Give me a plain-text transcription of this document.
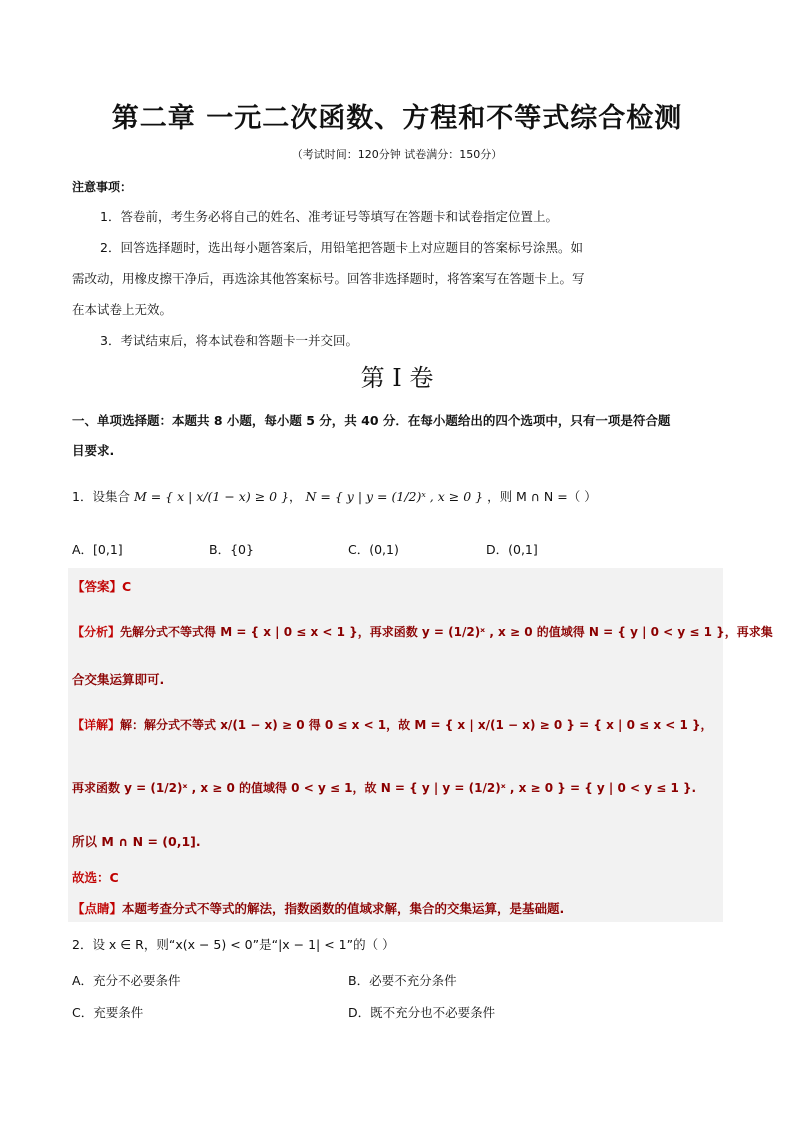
第二章 一元二次函数、方程和不等式综合检测
（考试时间：120分钟 试卷满分：150分）
注意事项：
1．答卷前，考生务必将自己的姓名、准考证号等填写在答题卡和试卷指定位置上。
2．回答选择题时，选出每小题答案后，用铅笔把答题卡上对应题目的答案标号涂黑。如
需改动，用橡皮擦干净后，再选涂其他答案标号。回答非选择题时，将答案写在答题卡上。写
在本试卷上无效。
3．考试结束后，将本试卷和答题卡一并交回。
第 I 卷
一、单项选择题：本题共 8 小题，每小题 5 分，共 40 分．在每小题给出的四个选项中，只有一项是符合题
目要求.
1．设集合 M = { x | x/(1 − x) ≥ 0 }， N = { y | y = (1/2)ˣ , x ≥ 0 } ，则 M ∩ N =（ ）
A．[0,1]	B．{0}	C．(0,1)	D．(0,1]
【答案】C
【分析】先解分式不等式得 M = { x | 0 ≤ x < 1 }，再求函数 y = (1/2)ˣ , x ≥ 0 的值域得 N = { y | 0 < y ≤ 1 }，再求集
合交集运算即可.
【详解】解：解分式不等式 x/(1 − x) ≥ 0 得 0 ≤ x < 1，故 M = { x | x/(1 − x) ≥ 0 } = { x | 0 ≤ x < 1 }，
再求函数 y = (1/2)ˣ , x ≥ 0 的值域得 0 < y ≤ 1，故 N = { y | y = (1/2)ˣ , x ≥ 0 } = { y | 0 < y ≤ 1 }.
所以 M ∩ N = (0,1].
故选：C
【点睛】本题考查分式不等式的解法，指数函数的值域求解，集合的交集运算，是基础题.
2．设 x ∈ R，则“x(x − 5) < 0”是“|x − 1| < 1”的（ ）
A．充分不必要条件	B．必要不充分条件
C．充要条件	D．既不充分也不必要条件
